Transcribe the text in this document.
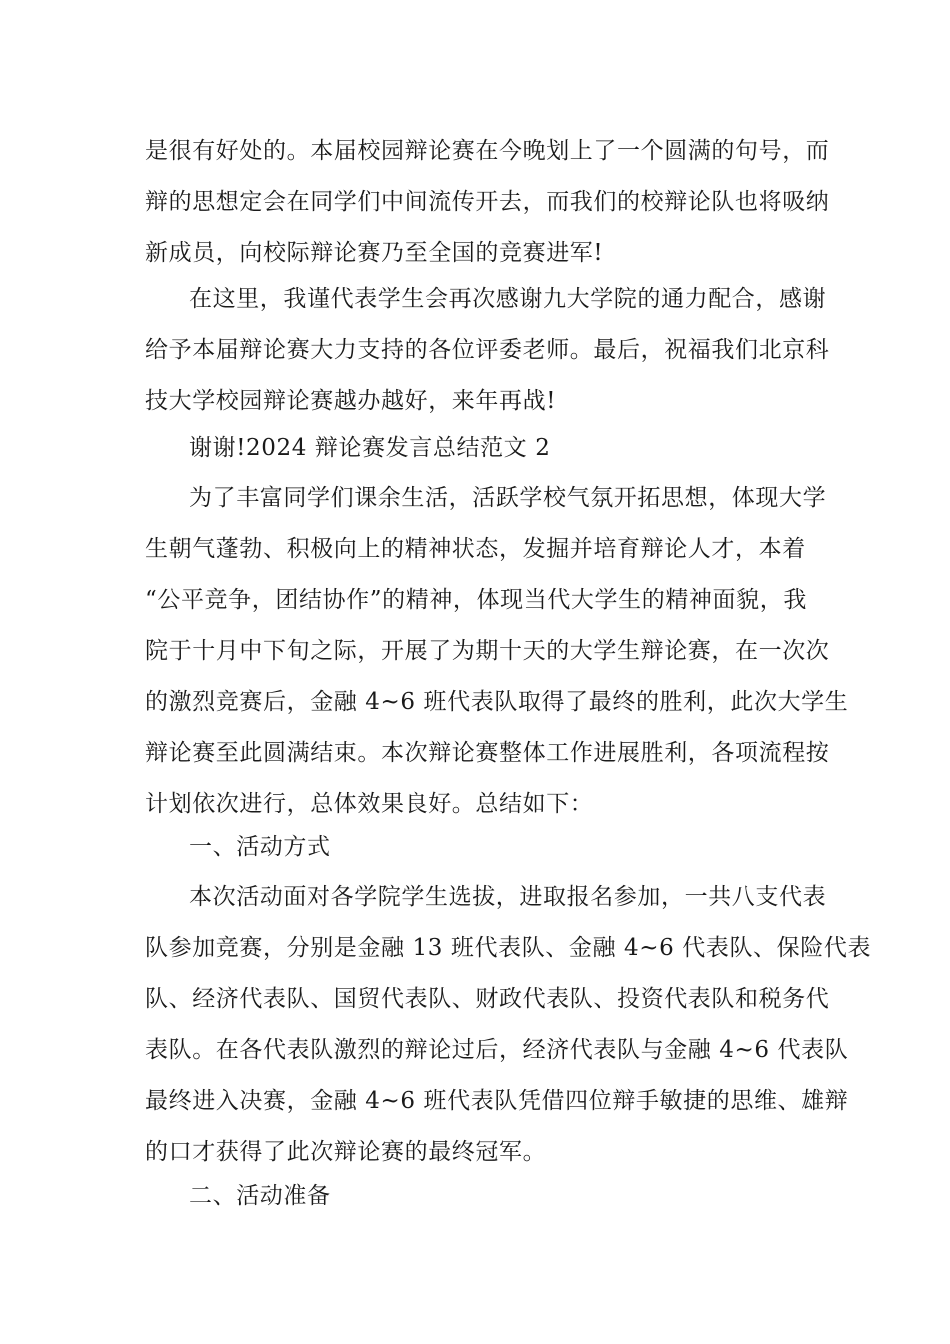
是很有好处的。本届校园辩论赛在今晚划上了一个圆满的句号，而
辩的思想定会在同学们中间流传开去，而我们的校辩论队也将吸纳
新成员，向校际辩论赛乃至全国的竞赛进军!

在这里，我谨代表学生会再次感谢九大学院的通力配合，感谢
给予本届辩论赛大力支持的各位评委老师。最后，祝福我们北京科
技大学校园辩论赛越办越好，来年再战!

谢谢!2024 辩论赛发言总结范文 2

为了丰富同学们课余生活，活跃学校气氛开拓思想，体现大学
生朝气蓬勃、积极向上的精神状态，发掘并培育辩论人才，本着
“公平竞争，团结协作”的精神，体现当代大学生的精神面貌，我
院于十月中下旬之际，开展了为期十天的大学生辩论赛，在一次次
的激烈竞赛后，金融 4~6 班代表队取得了最终的胜利，此次大学生
辩论赛至此圆满结束。本次辩论赛整体工作进展胜利，各项流程按
计划依次进行，总体效果良好。总结如下：

一、活动方式

本次活动面对各学院学生选拔，进取报名参加，一共八支代表
队参加竞赛，分别是金融 13 班代表队、金融 4~6 代表队、保险代表
队、经济代表队、国贸代表队、财政代表队、投资代表队和税务代
表队。在各代表队激烈的辩论过后，经济代表队与金融 4~6 代表队
最终进入决赛，金融 4~6 班代表队凭借四位辩手敏捷的思维、雄辩
的口才获得了此次辩论赛的最终冠军。

二、活动准备
